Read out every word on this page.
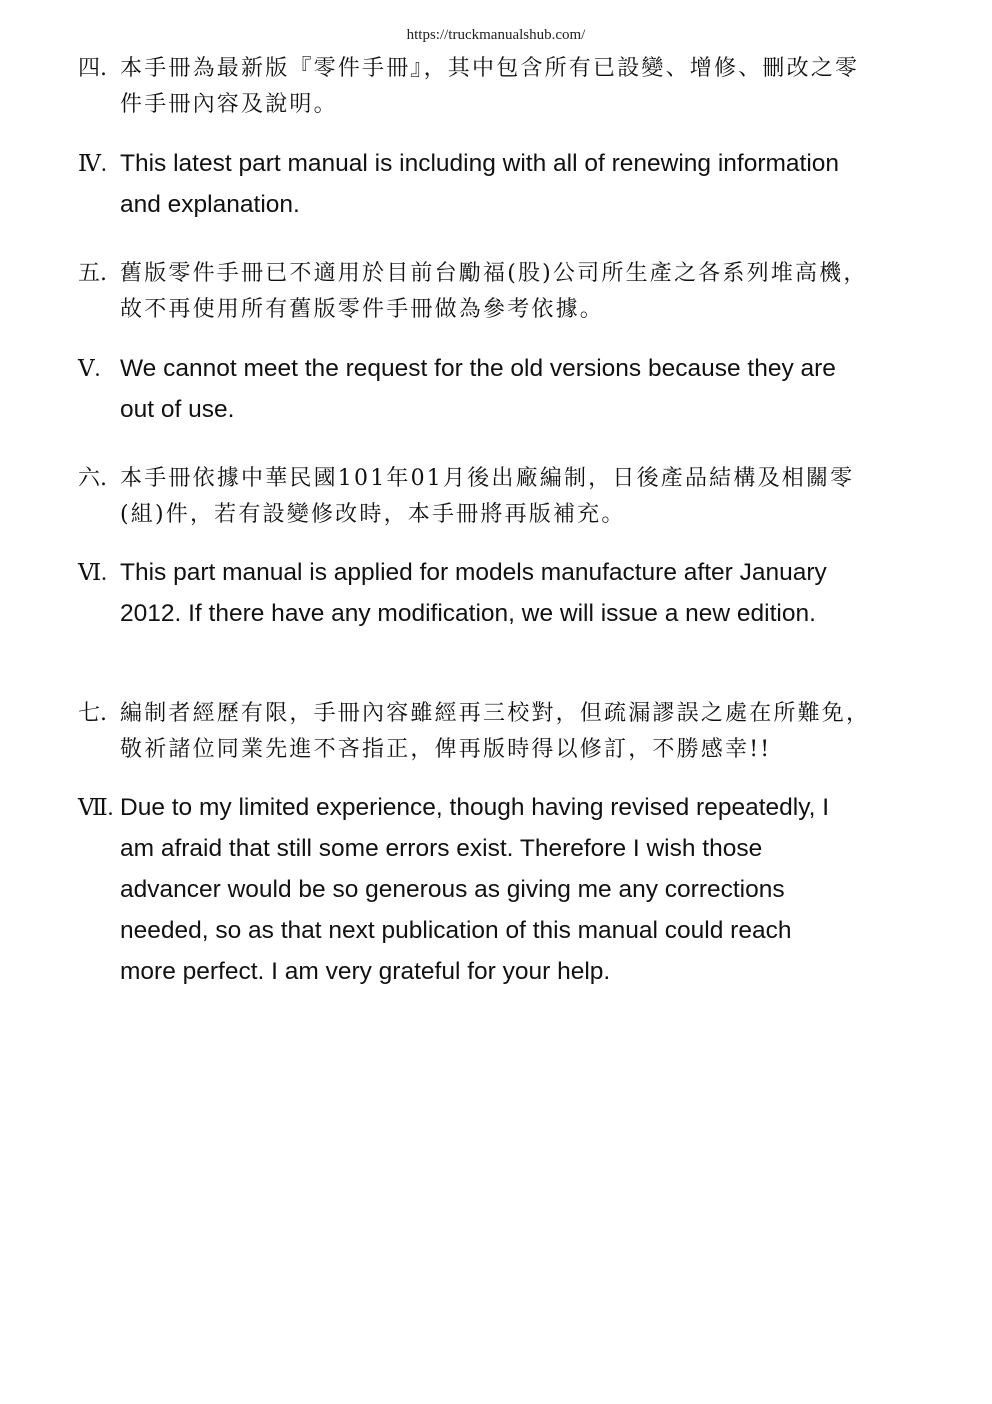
https://truckmanualshub.com/
四. 本手冊為最新版『零件手冊』，其中包含所有已設變、增修、刪改之零
件手冊內容及說明。
Ⅳ. This latest part manual is including with all of renewing information
and explanation.
五. 舊版零件手冊已不適用於目前台勵福(股)公司所生產之各系列堆高機，
故不再使用所有舊版零件手冊做為參考依據。
Ⅴ. We cannot meet the request for the old versions because they are
out of use.
六. 本手冊依據中華民國101年01月後出廠編制，日後產品結構及相關零
(組)件，若有設變修改時，本手冊將再版補充。
Ⅵ. This part manual is applied for models manufacture after January
2012. If there have any modification, we will issue a new edition.
七. 編制者經歷有限，手冊內容雖經再三校對，但疏漏謬誤之處在所難免，
敬祈諸位同業先進不吝指正，俾再版時得以修訂，不勝感幸!!
Ⅶ. Due to my limited experience, though having revised repeatedly, I
am afraid that still some errors exist. Therefore I wish those
advancer would be so generous as giving me any corrections
needed, so as that next publication of this manual could reach
more perfect. I am very grateful for your help.
